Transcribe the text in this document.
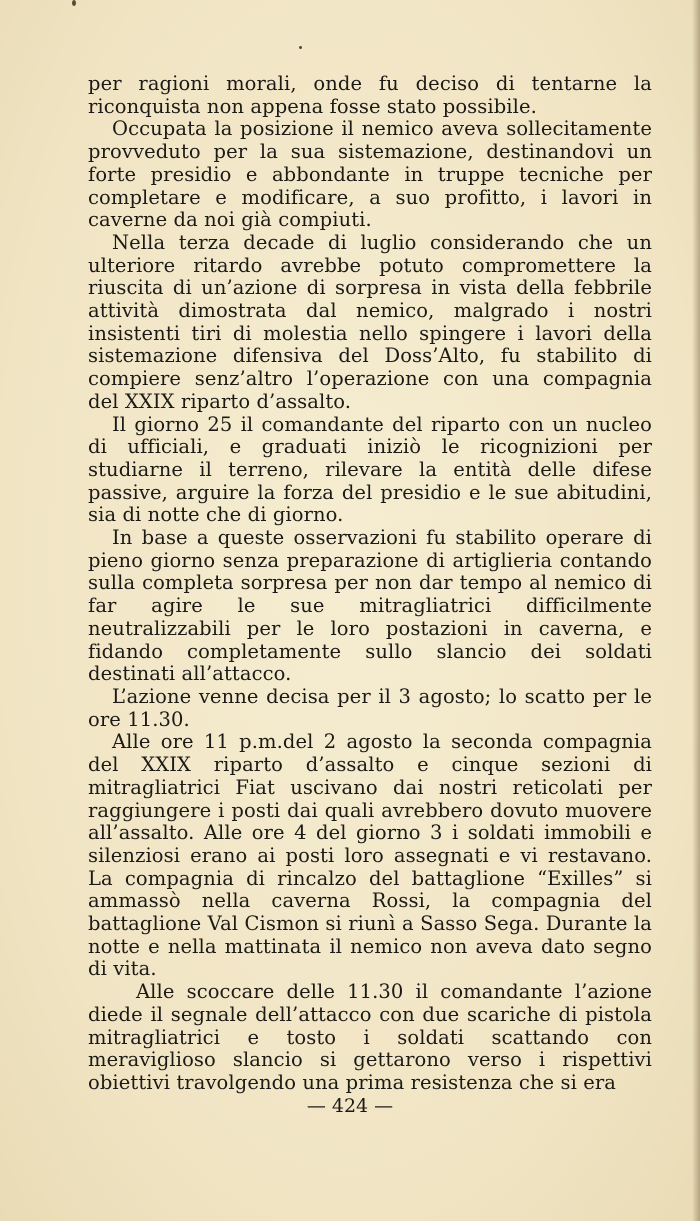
per ragioni morali, onde fu deciso di tentarne la riconquista non appena fosse stato possibile.

Occupata la posizione il nemico aveva sollecitamente provveduto per la sua sistemazione, destinandovi un forte presidio e abbondante in truppe tecniche per completare e modificare, a suo profitto, i lavori in caverne da noi già compiuti.

Nella terza decade di luglio considerando che un ulteriore ritardo avrebbe potuto compromettere la riuscita di un’azione di sorpresa in vista della febbrile attività dimostrata dal nemico, malgrado i nostri insistenti tiri di molestia nello spingere i lavori della sistemazione difensiva del Doss’Alto, fu stabilito di compiere senz’altro l’operazione con una compagnia del XXIX riparto d’assalto.

Il giorno 25 il comandante del riparto con un nucleo di ufficiali, e graduati iniziò le ricognizioni per studiarne il terreno, rilevare la entità delle difese passive, arguire la forza del presidio e le sue abitudini, sia di notte che di giorno.

In base a queste osservazioni fu stabilito operare di pieno giorno senza preparazione di artiglieria contando sulla completa sorpresa per non dar tempo al nemico di far agire le sue mitragliatrici difficilmente neutralizzabili per le loro postazioni in caverna, e fidando completamente sullo slancio dei soldati destinati all’attacco.

L’azione venne decisa per il 3 agosto; lo scatto per le ore 11.30.

Alle ore 11 p.m.del 2 agosto la seconda compagnia del XXIX riparto d’assalto e cinque sezioni di mitragliatrici Fiat uscivano dai nostri reticolati per raggiungere i posti dai quali avrebbero dovuto muovere all’assalto. Alle ore 4 del giorno 3 i soldati immobili e silenziosi erano ai posti loro assegnati e vi restavano. La compagnia di rincalzo del battaglione “Exilles” si ammassò nella caverna Rossi, la compagnia del battaglione Val Cismon si riunì a Sasso Sega. Durante la notte e nella mattinata il nemico non aveva dato segno di vita.

Alle scoccare delle 11.30 il comandante l’azione diede il segnale dell’attacco con due scariche di pistola mitragliatrici e tosto i soldati scattando con meraviglioso slancio si gettarono verso i rispettivi obiettivi travolgendo una prima resistenza che si era

— 424 —
